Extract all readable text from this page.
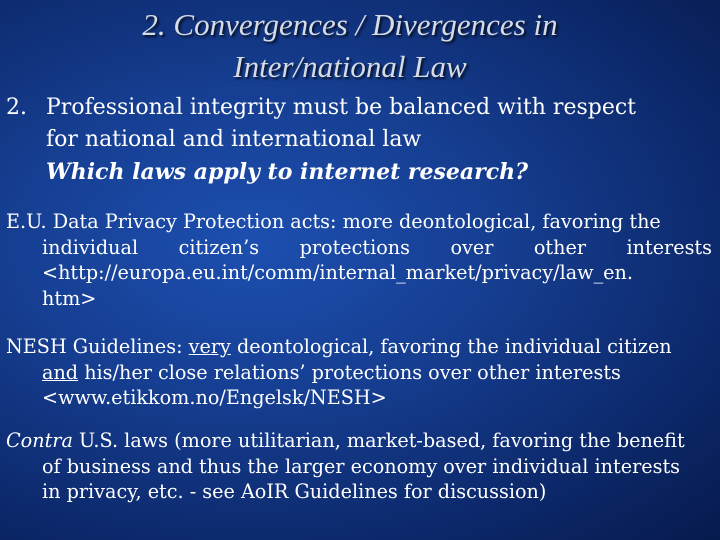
2. Convergences / Divergences in
Inter/national Law
2. Professional integrity must be balanced with respect
for national and international law
Which laws apply to internet research?
E.U. Data Privacy Protection acts: more deontological, favoring the
individual citizen’s protections over other interests
<http://europa.eu.int/comm/internal_market/privacy/law_en.
htm>
NESH Guidelines: very deontological, favoring the individual citizen
and his/her close relations’ protections over other interests
<www.etikkom.no/Engelsk/NESH>
Contra U.S. laws (more utilitarian, market-based, favoring the benefit
of business and thus the larger economy over individual interests
in privacy, etc. - see AoIR Guidelines for discussion)
